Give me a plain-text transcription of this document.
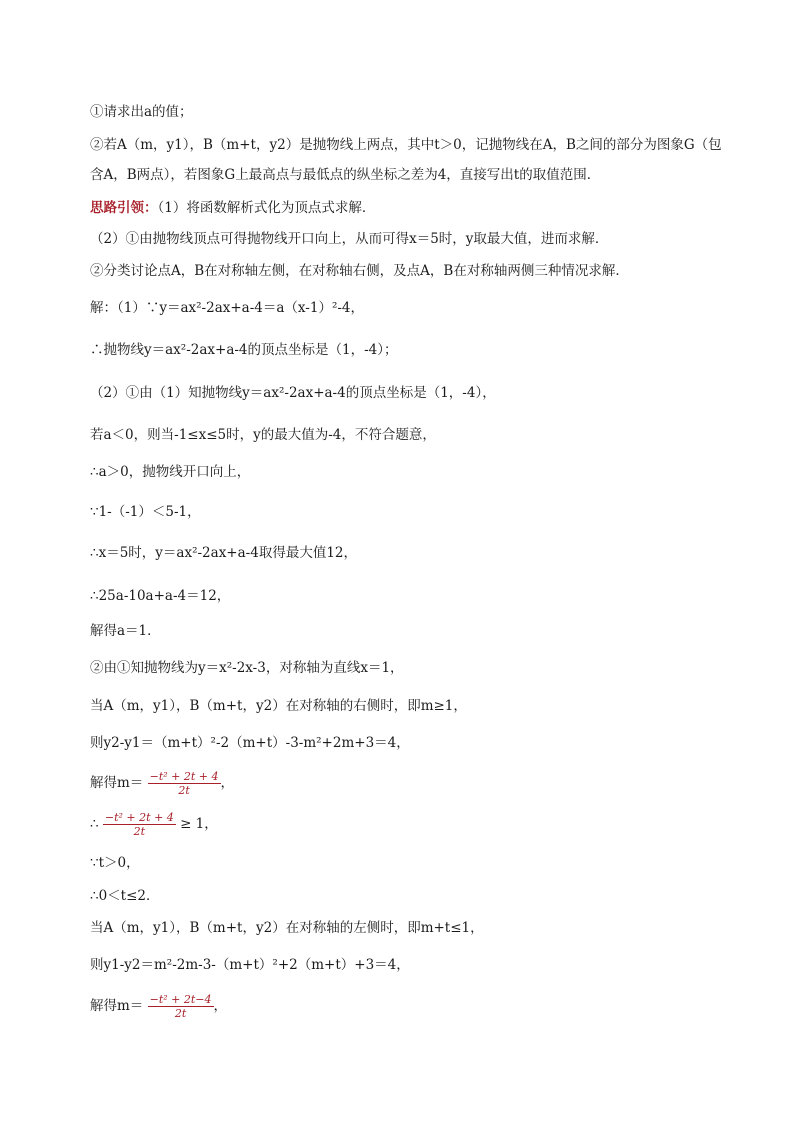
①请求出a的值；
②若A（m，y1），B（m+t，y2）是抛物线上两点，其中t＞0，记抛物线在A，B之间的部分为图象G（包
含A，B两点），若图象G上最高点与最低点的纵坐标之差为4，直接写出t的取值范围．
思路引领：（1）将函数解析式化为顶点式求解．
（2）①由抛物线顶点可得抛物线开口向上，从而可得x＝5时，y取最大值，进而求解．
②分类讨论点A，B在对称轴左侧，在对称轴右侧，及点A，B在对称轴两侧三种情况求解．
解：（1）∵y＝ax²-2ax+a-4＝a（x-1）²-4，
∴抛物线y＝ax²-2ax+a-4的顶点坐标是（1，-4）；
（2）①由（1）知抛物线y＝ax²-2ax+a-4的顶点坐标是（1，-4），
若a＜0，则当-1≤x≤5时，y的最大值为-4，不符合题意，
∴a＞0，抛物线开口向上，
∵1-（-1）＜5-1，
∴x＝5时，y＝ax²-2ax+a-4取得最大值12，
∴25a-10a+a-4＝12，
解得a＝1．
②由①知抛物线为y＝x²-2x-3，对称轴为直线x＝1，
当A（m，y1），B（m+t，y2）在对称轴的右侧时，即m≥1，
则y2-y1＝（m+t）²-2（m+t）-3-m²+2m+3＝4，
解得$m= \frac{\text{−t² + 2t + 4}}{2t}$ ，
∴ $\frac{\text{−t² + 2t + 4}}{2t} \ge 1$，
∵t＞0，
∴0＜t≤2．
当A（m，y1），B（m+t，y2）在对称轴的左侧时，即m+t≤1，
则y1-y2＝m²-2m-3-（m+t）²+2（m+t）+3＝4，
解得$m= \frac{\text{−t² + 2t−4}}{2t}$ ，
